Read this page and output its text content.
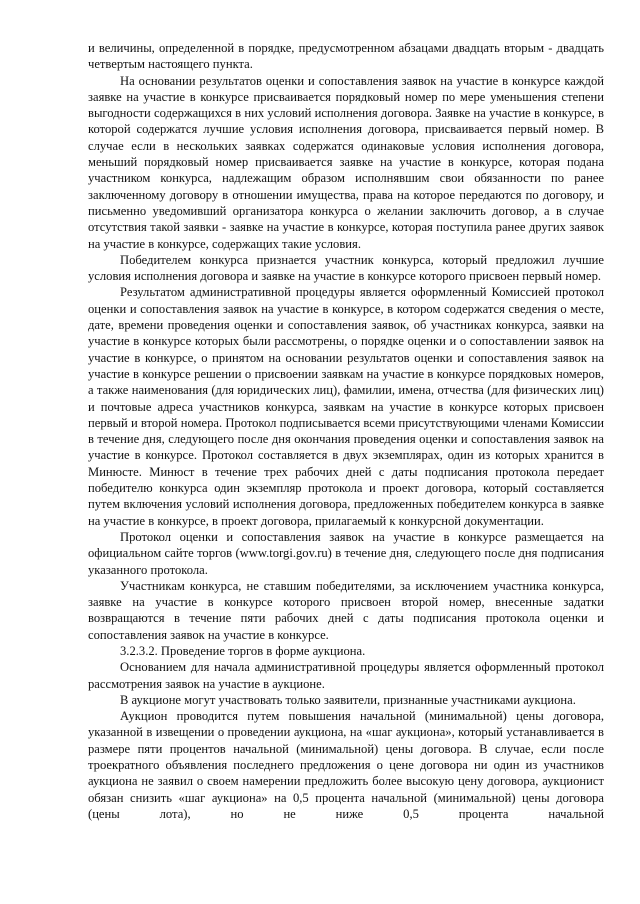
и величины, определенной в порядке, предусмотренном абзацами двадцать вторым - двадцать четвертым настоящего пункта.

На основании результатов оценки и сопоставления заявок на участие в конкурсе каждой заявке на участие в конкурсе присваивается порядковый номер по мере уменьшения степени выгодности содержащихся в них условий исполнения договора. Заявке на участие в конкурсе, в которой содержатся лучшие условия исполнения договора, присваивается первый номер. В случае если в нескольких заявках содержатся одинаковые условия исполнения договора, меньший порядковый номер присваивается заявке на участие в конкурсе, которая подана участником конкурса, надлежащим образом исполнявшим свои обязанности по ранее заключенному договору в отношении имущества, права на которое передаются по договору, и письменно уведомивший организатора конкурса о желании заключить договор, а в случае отсутствия такой заявки - заявке на участие в конкурсе, которая поступила ранее других заявок на участие в конкурсе, содержащих такие условия.

Победителем конкурса признается участник конкурса, который предложил лучшие условия исполнения договора и заявке на участие в конкурсе которого присвоен первый номер.

Результатом административной процедуры является оформленный Комиссией протокол оценки и сопоставления заявок на участие в конкурсе, в котором содержатся сведения о месте, дате, времени проведения оценки и сопоставления заявок, об участниках конкурса, заявки на участие в конкурсе которых были рассмотрены, о порядке оценки и о сопоставлении заявок на участие в конкурсе, о принятом на основании результатов оценки и сопоставления заявок на участие в конкурсе решении о присвоении заявкам на участие в конкурсе порядковых номеров, а также наименования (для юридических лиц), фамилии, имена, отчества (для физических лиц) и почтовые адреса участников конкурса, заявкам на участие в конкурсе которых присвоен первый и второй номера. Протокол подписывается всеми присутствующими членами Комиссии в течение дня, следующего после дня окончания проведения оценки и сопоставления заявок на участие в конкурсе. Протокол составляется в двух экземплярах, один из которых хранится в Минюсте. Минюст в течение трех рабочих дней с даты подписания протокола передает победителю конкурса один экземпляр протокола и проект договора, который составляется путем включения условий исполнения договора, предложенных победителем конкурса в заявке на участие в конкурсе, в проект договора, прилагаемый к конкурсной документации.

Протокол оценки и сопоставления заявок на участие в конкурсе размещается на официальном сайте торгов (www.torgi.gov.ru) в течение дня, следующего после дня подписания указанного протокола.

Участникам конкурса, не ставшим победителями, за исключением участника конкурса, заявке на участие в конкурсе которого присвоен второй номер, внесенные задатки возвращаются в течение пяти рабочих дней с даты подписания протокола оценки и сопоставления заявок на участие в конкурсе.

3.2.3.2. Проведение торгов в форме аукциона.

Основанием для начала административной процедуры является оформленный протокол рассмотрения заявок на участие в аукционе.

В аукционе могут участвовать только заявители, признанные участниками аукциона.

Аукцион проводится путем повышения начальной (минимальной) цены договора, указанной в извещении о проведении аукциона, на «шаг аукциона», который устанавливается в размере пяти процентов начальной (минимальной) цены договора. В случае, если после троекратного объявления последнего предложения о цене договора ни один из участников аукциона не заявил о своем намерении предложить более высокую цену договора, аукционист обязан снизить «шаг аукциона» на 0,5 процента начальной (минимальной) цены договора (цены лота), но не ниже 0,5 процента начальной
